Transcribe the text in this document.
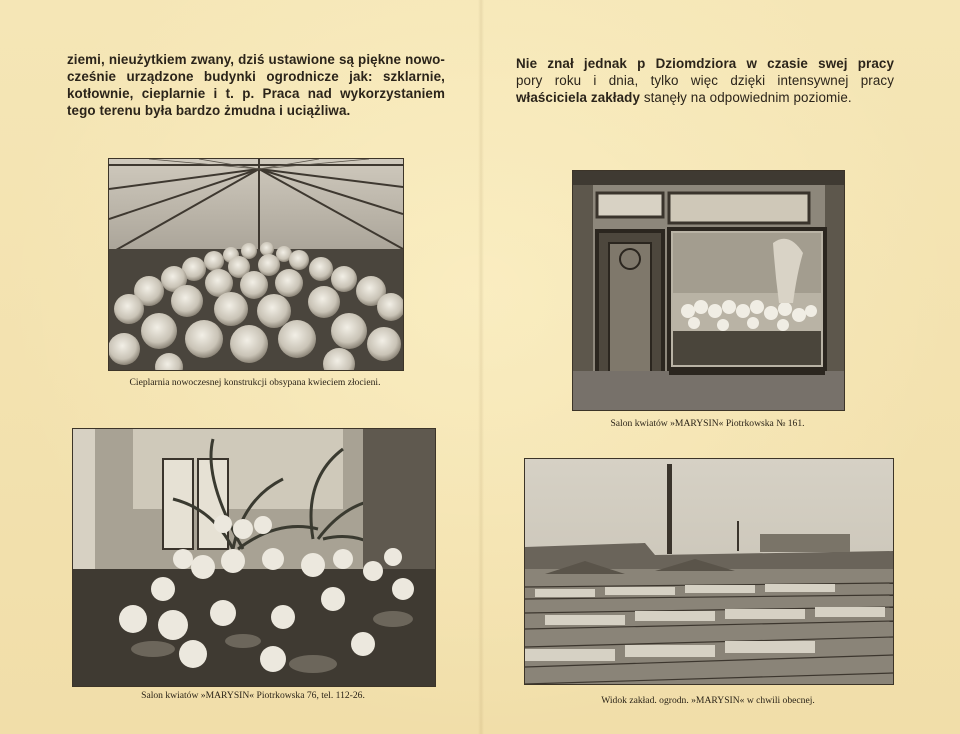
ziemi, nieużytkiem zwany, dziś ustawione są piękne nowo-
cześnie urządzone budynki ogrodnicze jak: szklarnie,
kotłownie, cieplarnie i t. p. Praca nad wykorzystaniem
tego terenu była bardzo żmudna i uciążliwa.
Nie znał jednak p Dziomdziora w czasie swej pracy
pory roku i dnia, tylko więc dzięki intensywnej pracy
właściciela zakłady stanęły na odpowiednim poziomie.
Cieplarnia nowoczesnej konstrukcji obsypana kwieciem złocieni.
Salon kwiatów »MARYSIN« Piotrkowska № 161.
Salon kwiatów »MARYSIN« Piotrkowska 76, tel. 112-26.	Widok zakład. ogrodn. »MARYSIN« w chwili obecnej.
